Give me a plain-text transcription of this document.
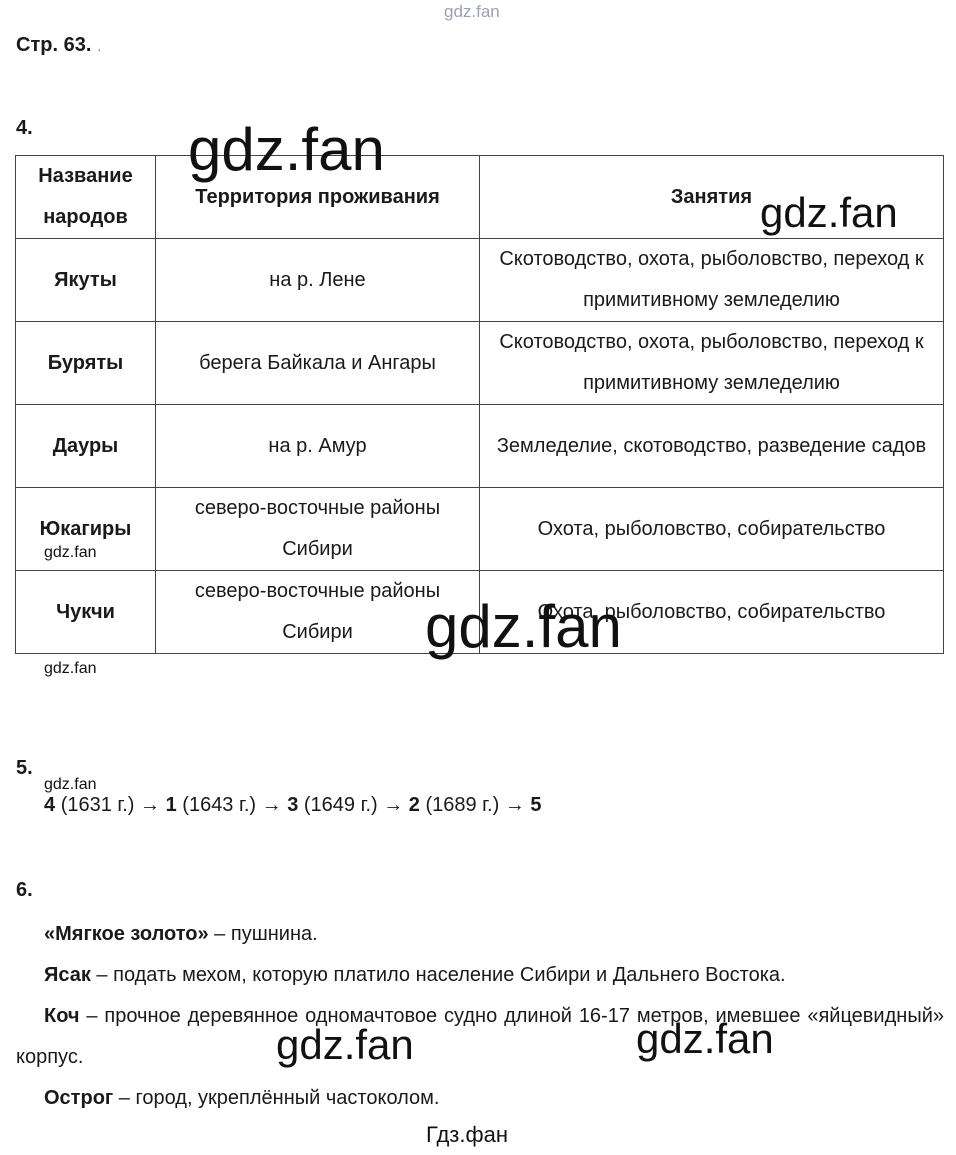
gdz.fan
Стр. 63. .
4.
Название народов	Территория проживания	Занятия
Якуты	на р. Лене	Скотоводство, охота, рыболовство, переход к примитивному земледелию
Буряты	берега Байкала и Ангары	Скотоводство, охота, рыболовство, переход к примитивному земледелию
Дауры	на р. Амур	Земледелие, скотоводство, разведение садов
Юкагиры	северо-восточные районы Сибири	Охота, рыболовство, собирательство
Чукчи	северо-восточные районы Сибири	Охота, рыболовство, собирательство
gdz.fan
gdz.fan
gdz.fan
gdz.fan
gdz.fan
5.
gdz.fan
4 (1631 г.) → 1 (1643 г.) → 3 (1649 г.) → 2 (1689 г.) → 5
6.

«Мягкое золото» – пушнина.

Ясак – подать мехом, которую платило население Сибири и Дальнего Востока.

Коч – прочное деревянное одномачтовое судно длиной 16-17 метров, имевшее «яйцевидный» корпус.

Острог – город, укреплённый частоколом.

gdz.fan	gdz.fan
Гдз.фан
